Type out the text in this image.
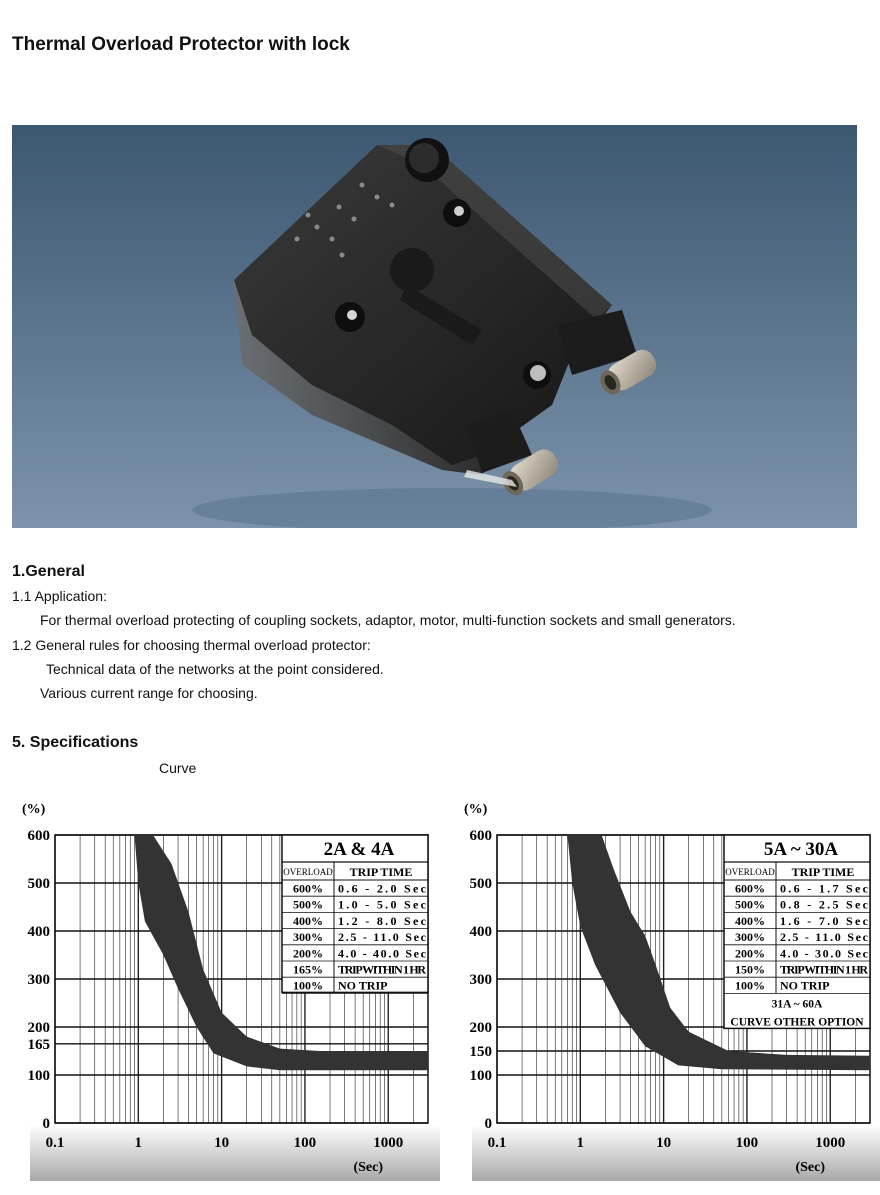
Thermal Overload Protector with lock
1.General

1.1 Application:

For thermal overload protecting of coupling sockets, adaptor, motor, multi-function sockets and small generators.

1.2 General rules for choosing thermal overload protector:

Technical data of the networks at the point considered.

Various current range for choosing.

5. Specifications

Curve

0
100
165
200
300
400
500
600
0.1	1	10	100	1000
(Sec)
(%)
2A & 4A
OVERLOAD TRIP TIME
600% 0.6 - 2.0 Sec
500% 1.0 - 5.0 Sec
400% 1.2 - 8.0 Sec
300% 2.5 - 11.0 Sec
200% 4.0 - 40.0 Sec
165% TRIP WITHIN 1 HR
100% NO TRIP
0
100
150
200
300
400
500
600
0.1	1	10	100	1000
(Sec)
(%)
5A ~ 30A
OVERLOAD TRIP TIME
600% 0.6 - 1.7 Sec
500% 0.8 - 2.5 Sec
400% 1.6 - 7.0 Sec
300% 2.5 - 11.0 Sec
200% 4.0 - 30.0 Sec
150% TRIP WITHIN 1 HR
100% NO TRIP
31A ~ 60A
CURVE OTHER OPTION
